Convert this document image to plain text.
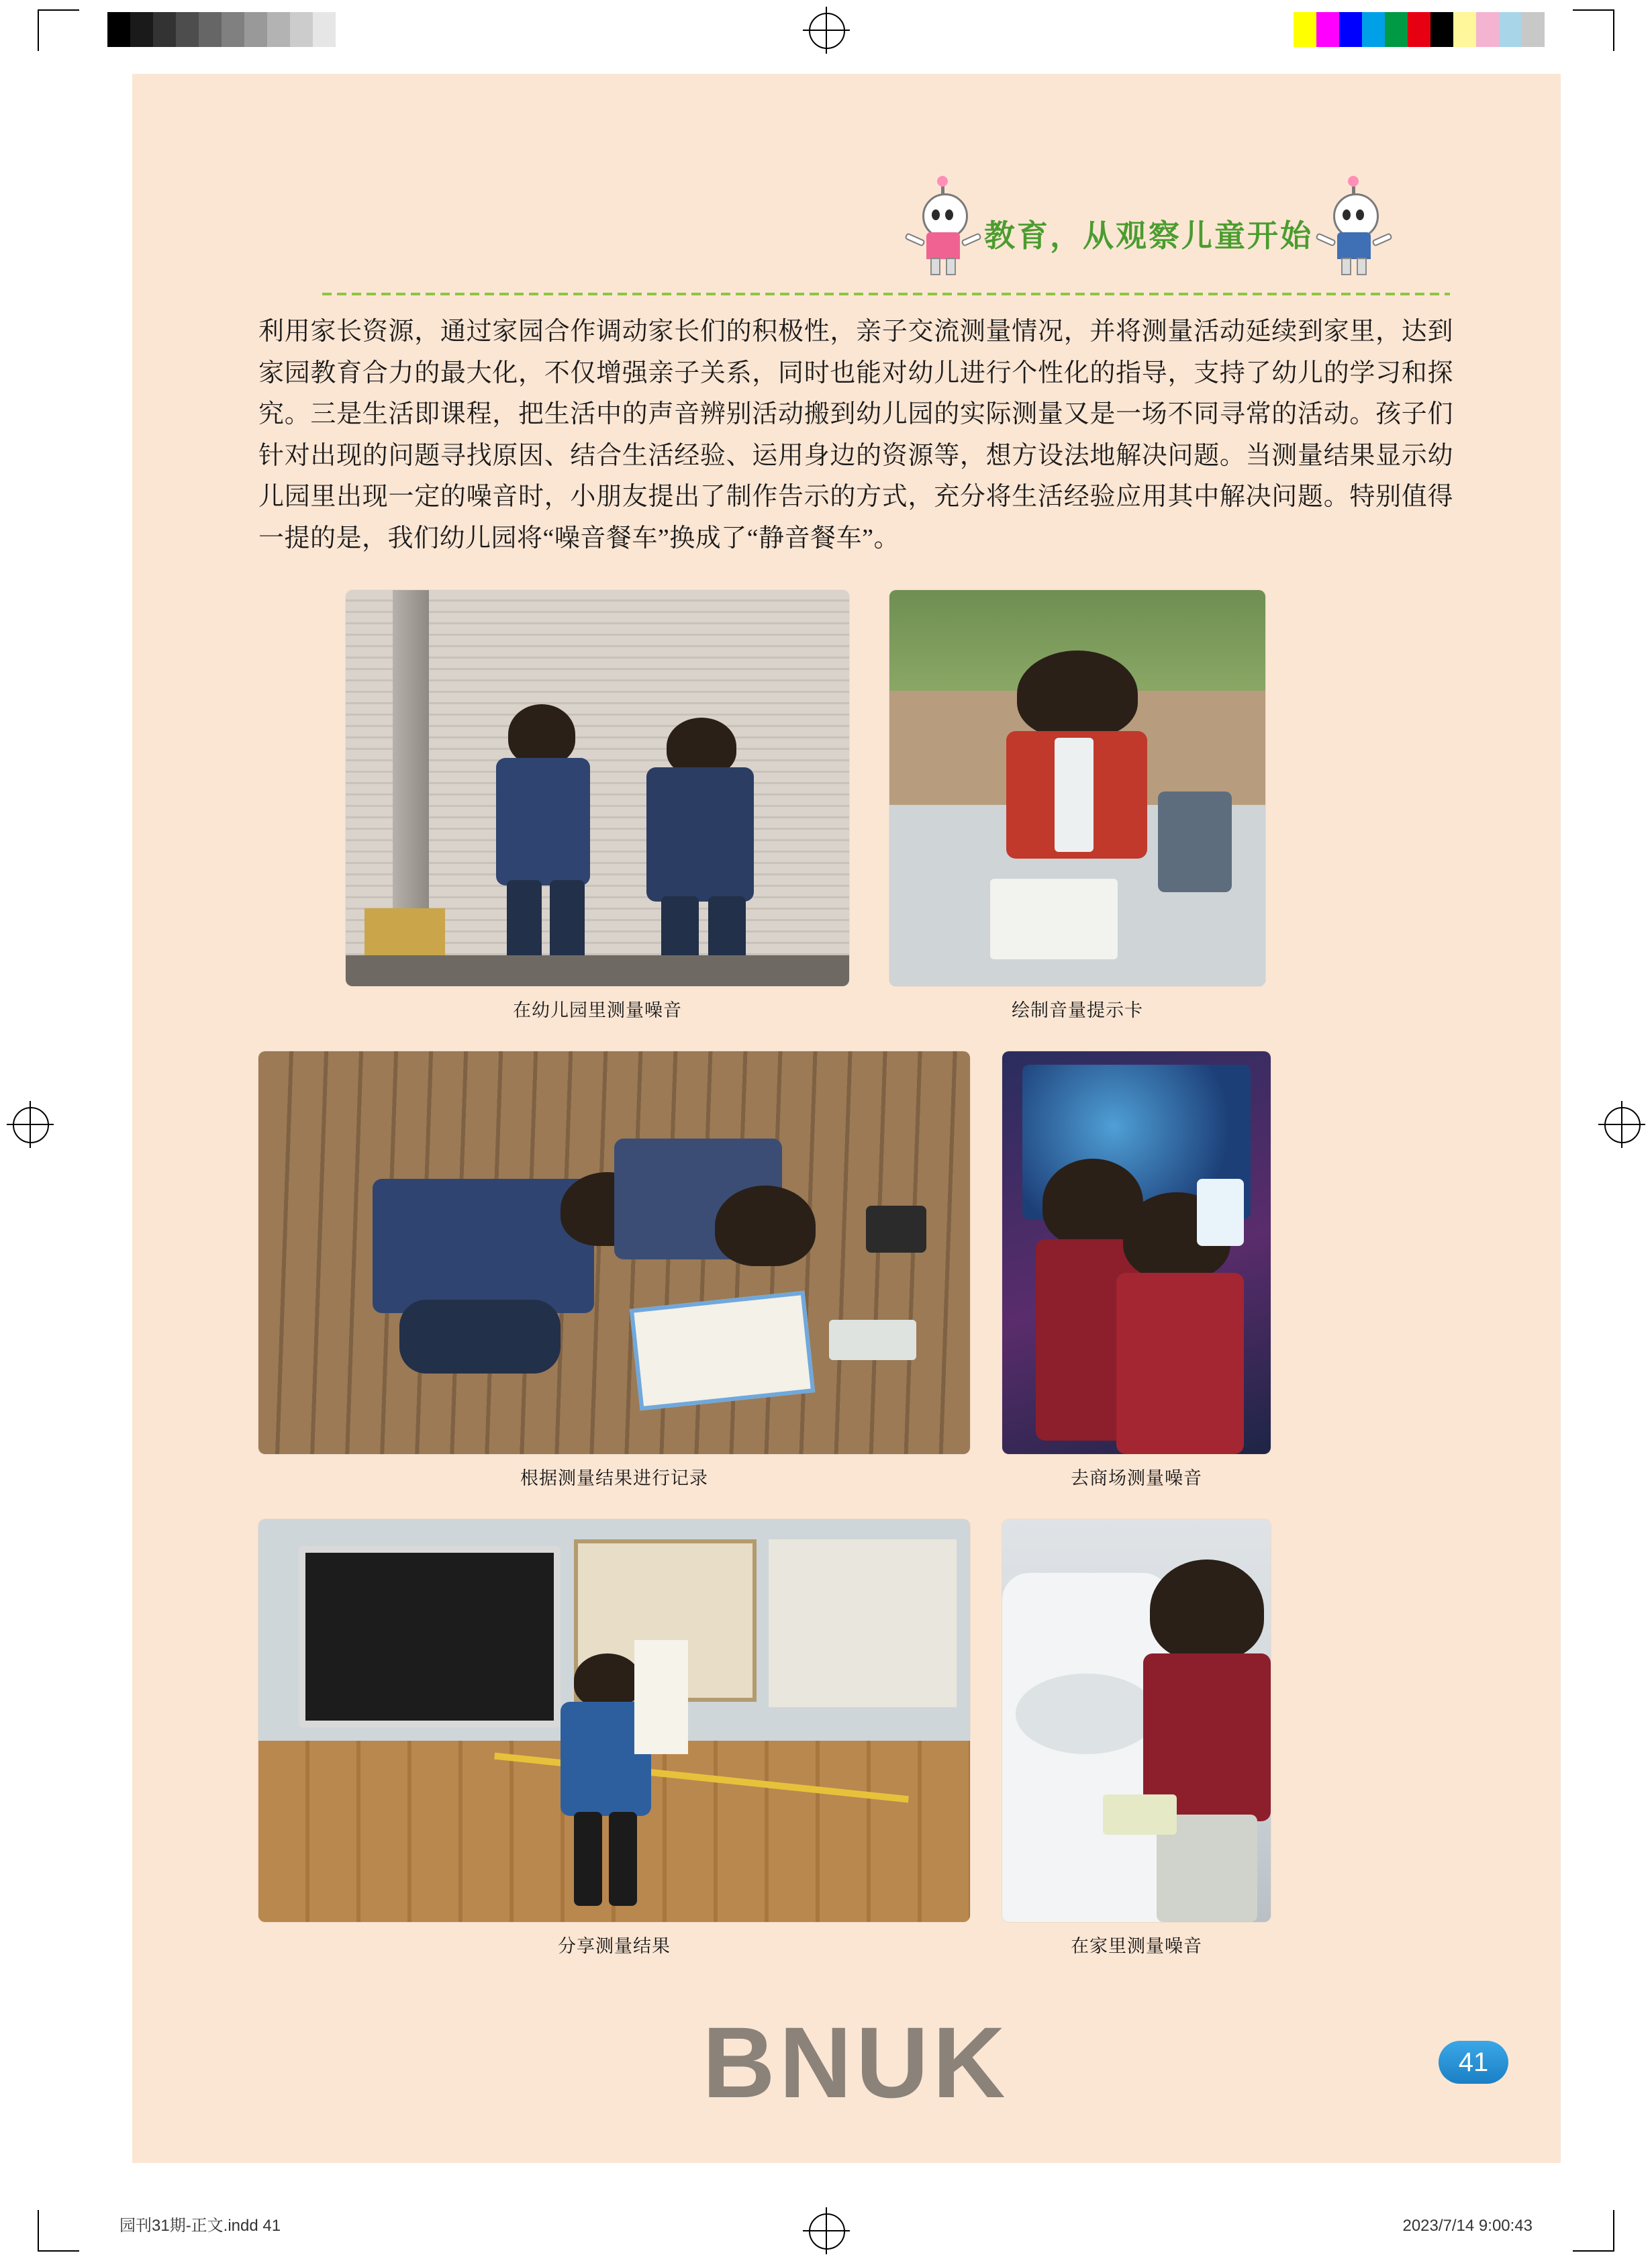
教育，从观察儿童开始

利用家长资源，通过家园合作调动家长们的积极性，亲子交流测量情况，并将测量活动延续到家里，达到家园教育合力的最大化，不仅增强亲子关系，同时也能对幼儿进行个性化的指导，支持了幼儿的学习和探究。三是生活即课程，把生活中的声音辨别活动搬到幼儿园的实际测量又是一场不同寻常的活动。孩子们针对出现的问题寻找原因、结合生活经验、运用身边的资源等，想方设法地解决问题。当测量结果显示幼儿园里出现一定的噪音时，小朋友提出了制作告示的方式，充分将生活经验应用其中解决问题。特别值得一提的是，我们幼儿园将“噪音餐车”换成了“静音餐车”。

在幼儿园里测量噪音	绘制音量提示卡
根据测量结果进行记录	去商场测量噪音
分享测量结果	在家里测量噪音
BNUK	41
园刊31期-正文.indd 41	2023/7/14 9:00:43
